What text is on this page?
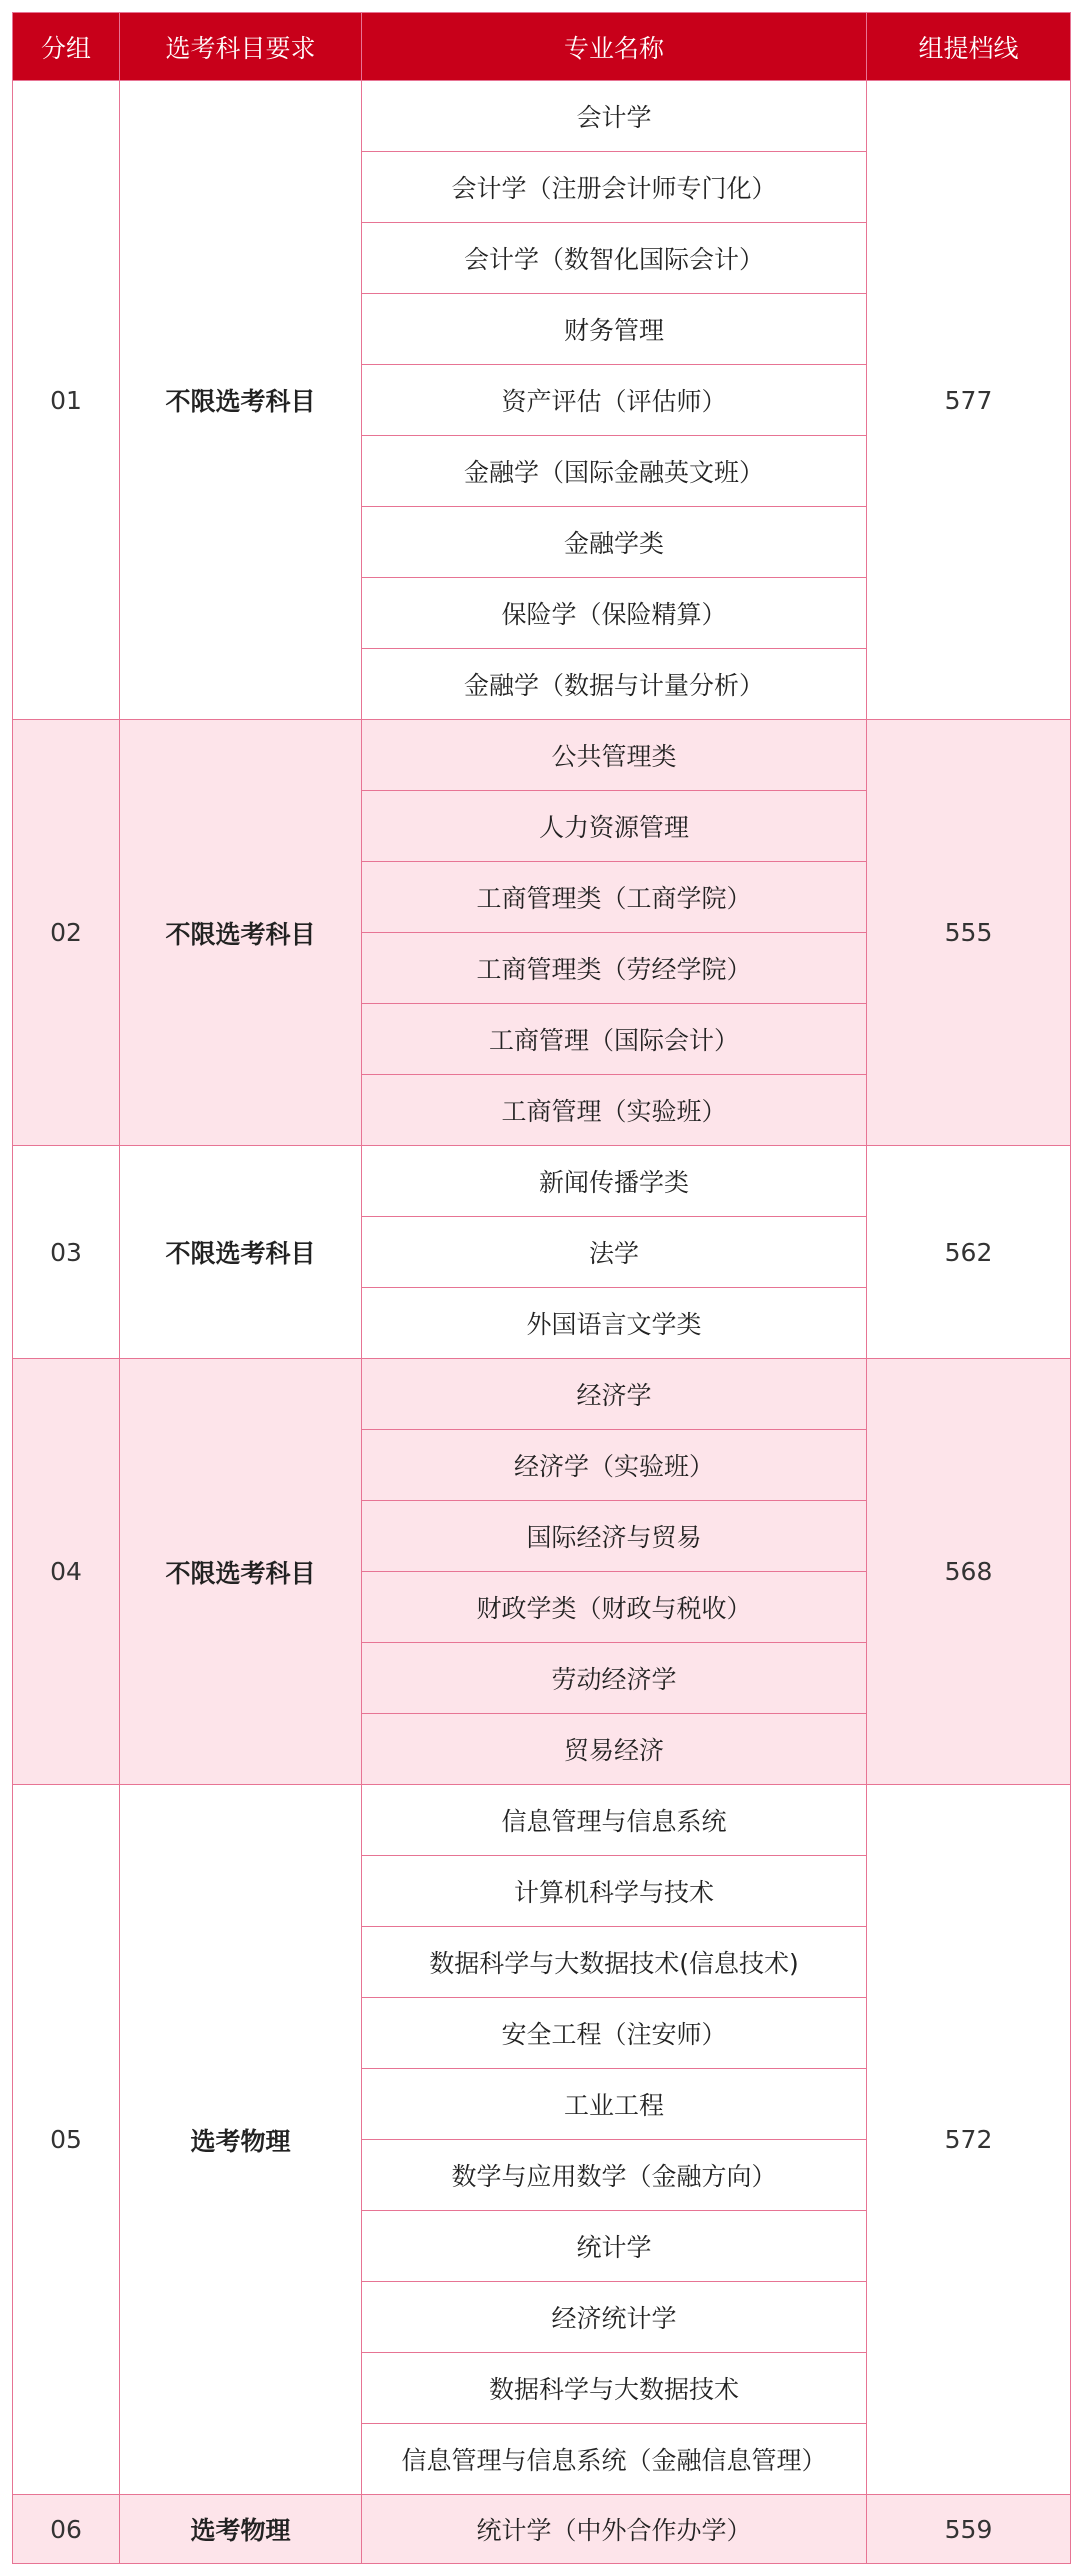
分组	选考科目要求	专业名称	组提档线
01	不限选考科目	会计学	577
		会计学（注册会计师专门化）	
		会计学（数智化国际会计）	
		财务管理	
		资产评估（评估师）	
		金融学（国际金融英文班）	
		金融学类	
		保险学（保险精算）	
		金融学（数据与计量分析）	
02	不限选考科目	公共管理类	555
		人力资源管理	
		工商管理类（工商学院）	
		工商管理类（劳经学院）	
		工商管理（国际会计）	
		工商管理（实验班）	
03	不限选考科目	新闻传播学类	562
		法学	
		外国语言文学类	
04	不限选考科目	经济学	568
		经济学（实验班）	
		国际经济与贸易	
		财政学类（财政与税收）	
		劳动经济学	
		贸易经济	
05	选考物理	信息管理与信息系统	572
		计算机科学与技术	
		数据科学与大数据技术(信息技术)	
		安全工程（注安师）	
		工业工程	
		数学与应用数学（金融方向）	
		统计学	
		经济统计学	
		数据科学与大数据技术	
		信息管理与信息系统（金融信息管理）	
06	选考物理	统计学（中外合作办学）	559
